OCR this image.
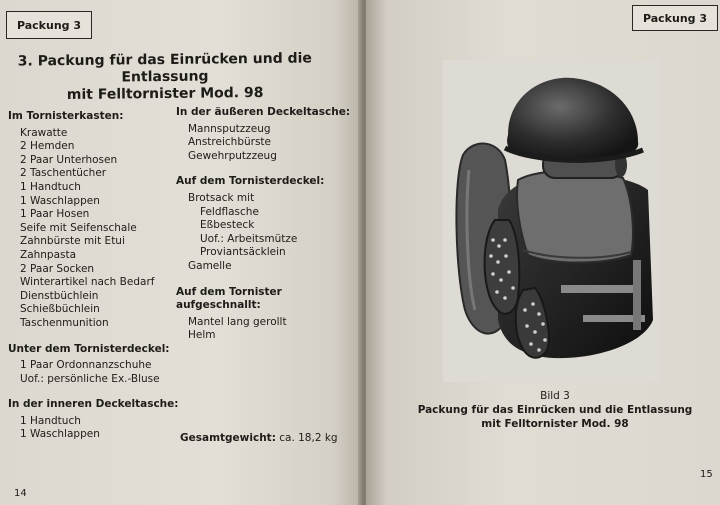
Packung 3
3. Packung für das Einrücken und die Entlassung
mit Felltornister Mod. 98

Im Tornisterkasten:

Krawatte

2 Hemden

2 Paar Unterhosen

2 Taschentücher

1 Handtuch

1 Waschlappen

1 Paar Hosen

Seife mit Seifenschale

Zahnbürste mit Etui

Zahnpasta

2 Paar Socken

Winterartikel nach Bedarf

Dienstbüchlein

Schießbüchlein

Taschenmunition

Unter dem Tornisterdeckel:

1 Paar Ordonnanzschuhe

Uof.: persönliche Ex.-Bluse

In der inneren Deckeltasche:

1 Handtuch

1 Waschlappen

In der äußeren Deckeltasche:

Mannsputzzeug

Anstreichbürste

Gewehrputzzeug

Auf dem Tornisterdeckel:

Brotsack mit

Feldflasche

Eßbesteck

Uof.: Arbeitsmütze

Proviantsäcklein

Gamelle

Auf dem Tornister

aufgeschnallt:

Mantel lang gerollt

Helm

Gesamtgewicht: ca. 18,2 kg
14
Packung 3
Bild 3
Packung für das Einrücken und die Entlassung
mit Felltornister Mod. 98
15
